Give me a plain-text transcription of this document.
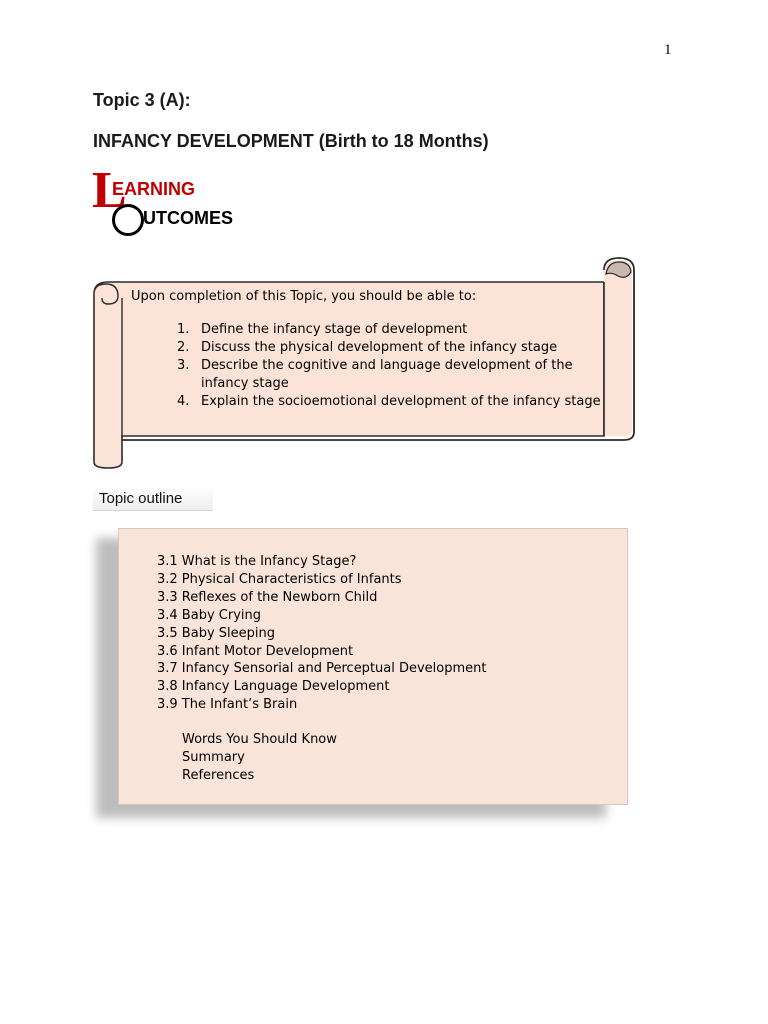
1
Topic 3 (A):
INFANCY DEVELOPMENT (Birth to 18 Months)
L
EARNING
UTCOMES

Upon completion of this Topic, you should be able to:

1. Define the infancy stage of development
2. Discuss the physical development of the infancy stage
3. Describe the cognitive and language development of the infancy stage
4. Explain the socioemotional development of the infancy stage
Topic outline
3.1 What is the Infancy Stage?
3.2 Physical Characteristics of Infants
3.3 Reflexes of the Newborn Child
3.4 Baby Crying
3.5 Baby Sleeping
3.6 Infant Motor Development
3.7 Infancy Sensorial and Perceptual Development
3.8 Infancy Language Development
3.9 The Infant’s Brain
Words You Should Know
Summary
References
